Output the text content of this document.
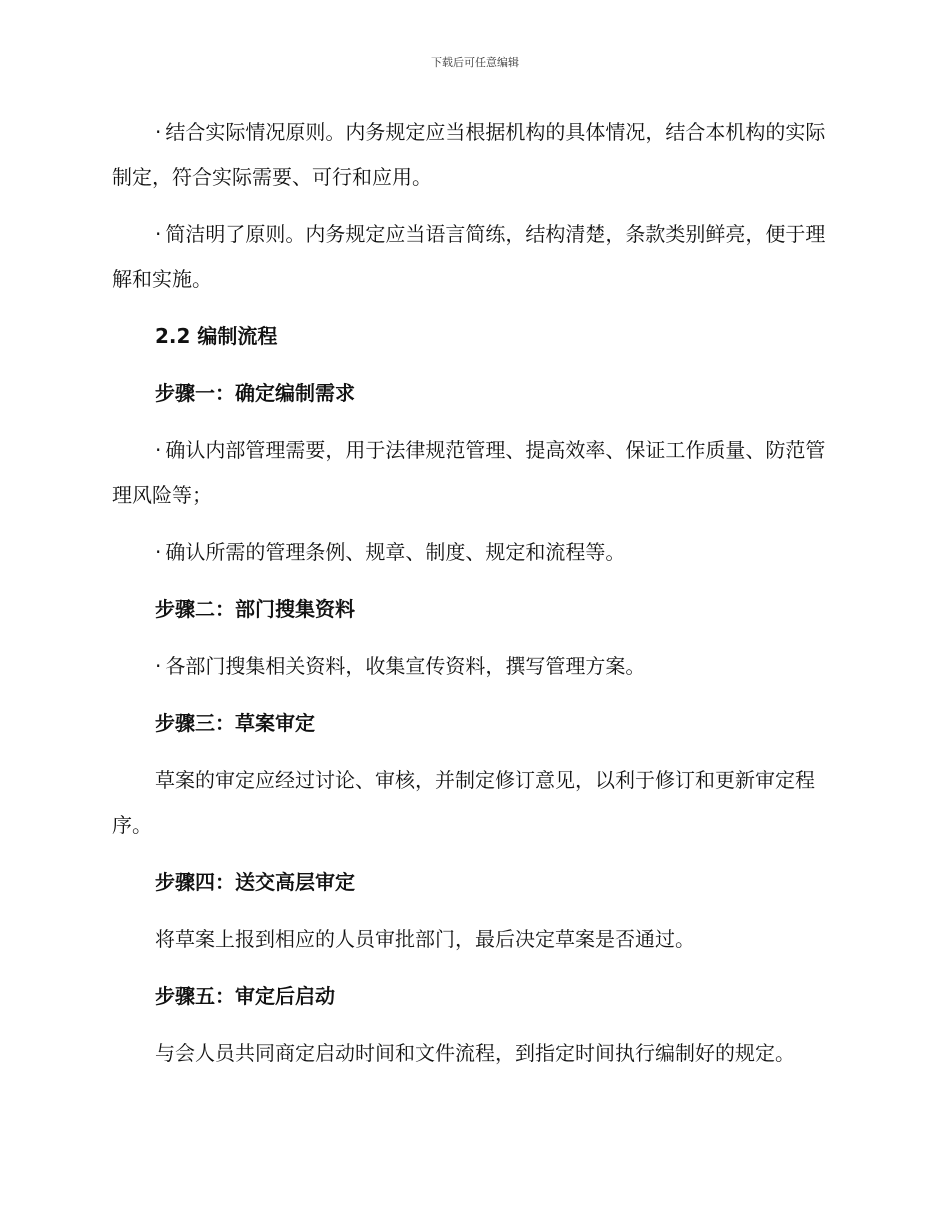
下载后可任意编辑

· 结合实际情况原则。内务规定应当根据机构的具体情况，结合本机构的实际制定，符合实际需要、可行和应用。

· 简洁明了原则。内务规定应当语言简练，结构清楚，条款类别鲜亮，便于理解和实施。

2.2 编制流程
步骤一：确定编制需求

· 确认内部管理需要，用于法律规范管理、提高效率、保证工作质量、防范管理风险等；

· 确认所需的管理条例、规章、制度、规定和流程等。

步骤二：部门搜集资料

· 各部门搜集相关资料，收集宣传资料，撰写管理方案。

步骤三：草案审定

草案的审定应经过讨论、审核，并制定修订意见，以利于修订和更新审定程序。

步骤四：送交高层审定

将草案上报到相应的人员审批部门，最后决定草案是否通过。

步骤五：审定后启动

与会人员共同商定启动时间和文件流程，到指定时间执行编制好的规定。
